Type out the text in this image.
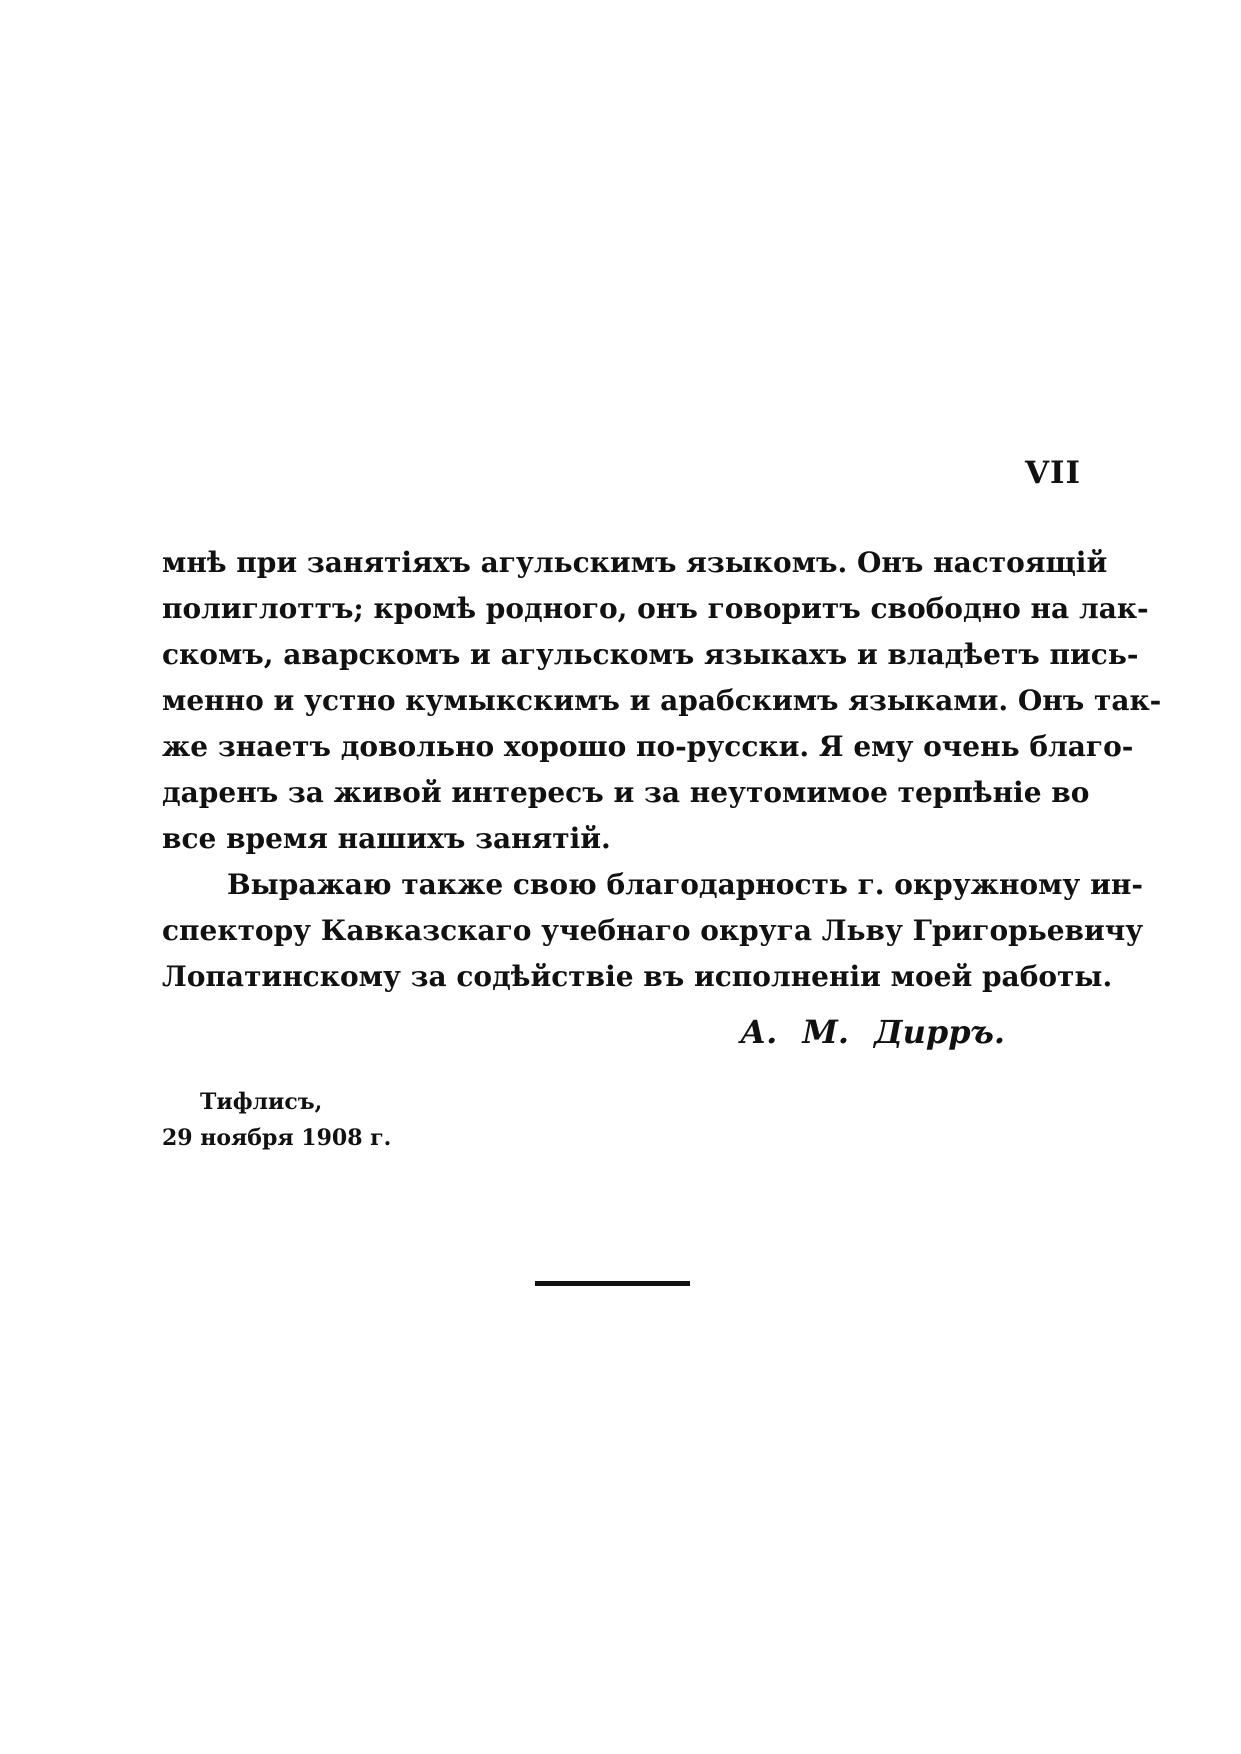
VII
мнѣ при занятіяхъ агульскимъ языкомъ. Онъ настоящій
полиглоттъ; кромѣ родного, онъ говоритъ свободно на лак-
скомъ, аварскомъ и агульскомъ языкахъ и владѣетъ пись-
менно и устно кумыкскимъ и арабскимъ языками. Онъ так-
же знаетъ довольно хорошо по-русски. Я ему очень благо-
даренъ за живой интересъ и за неутомимое терпѣніе во
все время нашихъ занятій.
Выражаю также свою благодарность г. окружному ин-
спектору Кавказскаго учебнаго округа Льву Григорьевичу
Лопатинскому за содѣйствіе въ исполненіи моей работы.
А. М. Дирръ.
Тифлисъ,
29 ноября 1908 г.
